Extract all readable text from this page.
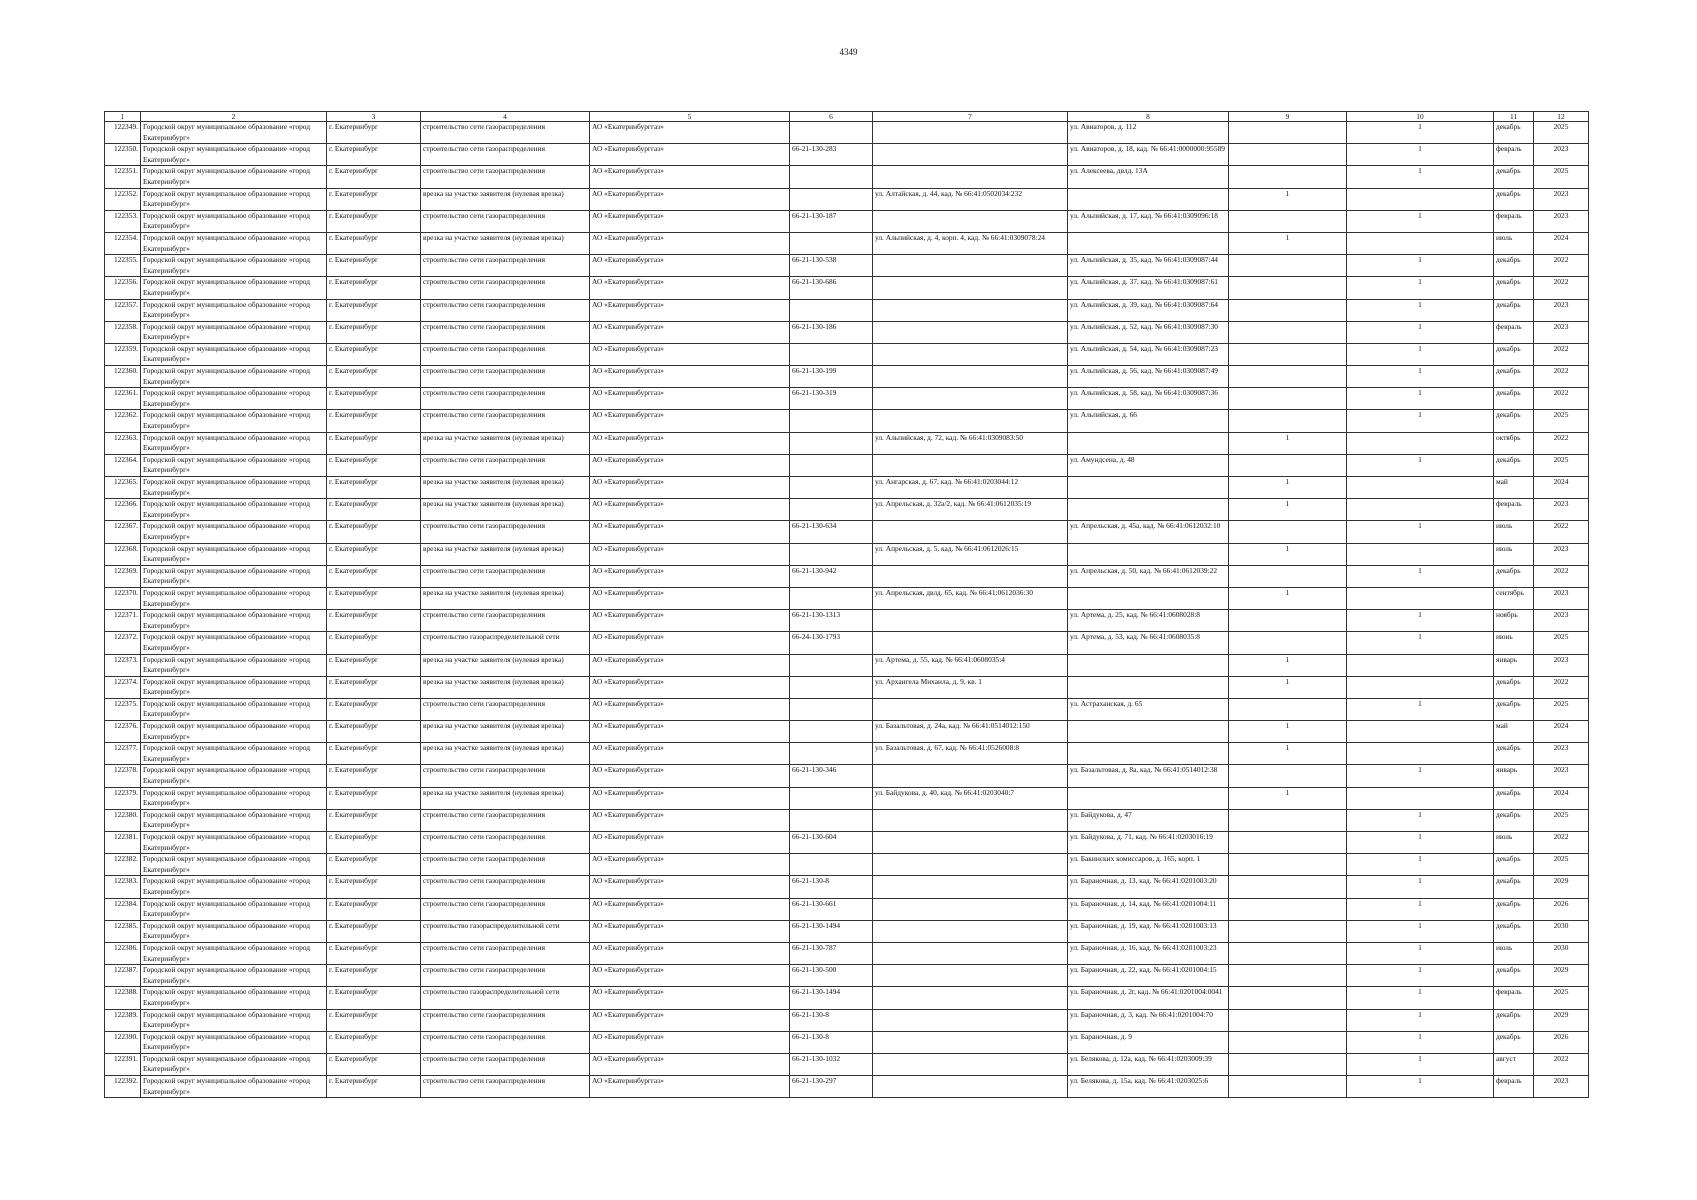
4349
1	2	3	4	5	6	7	8	9	10	11	12
122349.	Городской округ муниципальное образование «город Екатеринбург»	г. Екатеринбург	строительство сети газораспределения	АО «Екатеринбурггаз»			ул. Авиаторов, д. 112		1	декабрь	2025
122350.	Городской округ муниципальное образование «город Екатеринбург»	г. Екатеринбург	строительство сети газораспределения	АО «Екатеринбурггаз»	66-21-130-283		ул. Авиаторов, д. 18, кад. № 66:41:0000000:95589		1	февраль	2023
122351.	Городской округ муниципальное образование «город Екатеринбург»	г. Екатеринбург	строительство сети газораспределения	АО «Екатеринбурггаз»			ул. Алексеева, двлд. 13А		1	декабрь	2025
122352.	Городской округ муниципальное образование «город Екатеринбург»	г. Екатеринбург	врезка на участке заявителя (нулевая врезка)	АО «Екатеринбурггаз»		ул. Алтайская, д. 44, кад. № 66:41:0502034:232		1		декабрь	2023
122353.	Городской округ муниципальное образование «город Екатеринбург»	г. Екатеринбург	строительство сети газораспределения	АО «Екатеринбурггаз»	66-21-130-187		ул. Альпийская, д. 17, кад. № 66:41:0309096:18		1	февраль	2023
122354.	Городской округ муниципальное образование «город Екатеринбург»	г. Екатеринбург	врезка на участке заявителя (нулевая врезка)	АО «Екатеринбурггаз»		ул. Альпийская, д. 4, корп. 4, кад. № 66:41:0309078:24		1		июль	2024
122355.	Городской округ муниципальное образование «город Екатеринбург»	г. Екатеринбург	строительство сети газораспределения	АО «Екатеринбурггаз»	66-21-130-538		ул. Альпийская, д. 35, кад. № 66:41:0309087:44		1	декабрь	2022
122356.	Городской округ муниципальное образование «город Екатеринбург»	г. Екатеринбург	строительство сети газораспределения	АО «Екатеринбурггаз»	66-21-130-686		ул. Альпийская, д. 37, кад. № 66:41:0309087:61		1	декабрь	2022
122357.	Городской округ муниципальное образование «город Екатеринбург»	г. Екатеринбург	строительство сети газораспределения	АО «Екатеринбурггаз»			ул. Альпийская, д. 39, кад. № 66:41:0309087:64		1	декабрь	2023
122358.	Городской округ муниципальное образование «город Екатеринбург»	г. Екатеринбург	строительство сети газораспределения	АО «Екатеринбурггаз»	66-21-130-186		ул. Альпийская, д. 52, кад. № 66:41:0309087:30		1	февраль	2023
122359.	Городской округ муниципальное образование «город Екатеринбург»	г. Екатеринбург	строительство сети газораспределения	АО «Екатеринбурггаз»			ул. Альпийская, д. 54, кад. № 66:41:0309087:23		1	декабрь	2022
122360.	Городской округ муниципальное образование «город Екатеринбург»	г. Екатеринбург	строительство сети газораспределения	АО «Екатеринбурггаз»	66-21-130-199		ул. Альпийская, д. 56, кад. № 66:41:0309087:49		1	декабрь	2022
122361.	Городской округ муниципальное образование «город Екатеринбург»	г. Екатеринбург	строительство сети газораспределения	АО «Екатеринбурггаз»	66-21-130-319		ул. Альпийская, д. 58, кад. № 66:41:0309087:36		1	декабрь	2022
122362.	Городской округ муниципальное образование «город Екатеринбург»	г. Екатеринбург	строительство сети газораспределения	АО «Екатеринбурггаз»			ул. Альпийская, д. 66		1	декабрь	2025
122363.	Городской округ муниципальное образование «город Екатеринбург»	г. Екатеринбург	врезка на участке заявителя (нулевая врезка)	АО «Екатеринбурггаз»		ул. Альпийская, д. 72, кад. № 66:41:0309083:50		1		октябрь	2022
122364.	Городской округ муниципальное образование «город Екатеринбург»	г. Екатеринбург	строительство сети газораспределения	АО «Екатеринбурггаз»			ул. Амундсена, д. 48		1	декабрь	2025
122365.	Городской округ муниципальное образование «город Екатеринбург»	г. Екатеринбург	врезка на участке заявителя (нулевая врезка)	АО «Екатеринбурггаз»		ул. Ангарская, д. 67, кад. № 66:41:0203044:12		1		май	2024
122366.	Городской округ муниципальное образование «город Екатеринбург»	г. Екатеринбург	врезка на участке заявителя (нулевая врезка)	АО «Екатеринбурггаз»		ул. Апрельская, д. 32а/2, кад. № 66:41:0612035:19		1		февраль	2023
122367.	Городской округ муниципальное образование «город Екатеринбург»	г. Екатеринбург	строительство сети газораспределения	АО «Екатеринбурггаз»	66-21-130-634		ул. Апрельская, д. 45а, кад. № 66:41:0612032:10		1	июль	2022
122368.	Городской округ муниципальное образование «город Екатеринбург»	г. Екатеринбург	врезка на участке заявителя (нулевая врезка)	АО «Екатеринбурггаз»		ул. Апрельская, д. 5, кад. № 66:41:0612026:15		1		июль	2023
122369.	Городской округ муниципальное образование «город Екатеринбург»	г. Екатеринбург	строительство сети газораспределения	АО «Екатеринбурггаз»	66-21-130-942		ул. Апрельская, д. 50, кад. № 66:41:0612039:22		1	декабрь	2022
122370.	Городской округ муниципальное образование «город Екатеринбург»	г. Екатеринбург	врезка на участке заявителя (нулевая врезка)	АО «Екатеринбурггаз»		ул. Апрельская, двлд. 65, кад. № 66:41:0612036:30		1		сентябрь	2023
122371.	Городской округ муниципальное образование «город Екатеринбург»	г. Екатеринбург	строительство сети газораспределения	АО «Екатеринбурггаз»	66-21-130-1313		ул. Артема, д. 25, кад. № 66:41:0608028:8		1	ноябрь	2023
122372.	Городской округ муниципальное образование «город Екатеринбург»	г. Екатеринбург	строительство газораспределительной сети	АО «Екатеринбурггаз»	66-24-130-1793		ул. Артема, д. 53, кад. № 66:41:0608035:8		1	июнь	2025
122373.	Городской округ муниципальное образование «город Екатеринбург»	г. Екатеринбург	врезка на участке заявителя (нулевая врезка)	АО «Екатеринбурггаз»		ул. Артема, д. 55, кад. № 66:41:0608035:4		1		январь	2023
122374.	Городской округ муниципальное образование «город Екатеринбург»	г. Екатеринбург	врезка на участке заявителя (нулевая врезка)	АО «Екатеринбурггаз»		ул. Архангела Михаила, д. 9, кв. 1		1		декабрь	2022
122375.	Городской округ муниципальное образование «город Екатеринбург»	г. Екатеринбург	строительство сети газораспределения	АО «Екатеринбурггаз»			ул. Астраханская, д. 65		1	декабрь	2025
122376.	Городской округ муниципальное образование «город Екатеринбург»	г. Екатеринбург	врезка на участке заявителя (нулевая врезка)	АО «Екатеринбурггаз»		ул. Базальтовая, д. 24а, кад. № 66:41:0514012:150		1		май	2024
122377.	Городской округ муниципальное образование «город Екатеринбург»	г. Екатеринбург	врезка на участке заявителя (нулевая врезка)	АО «Екатеринбурггаз»		ул. Базальтовая, д. 67, кад. № 66:41:0526008:8		1		декабрь	2023
122378.	Городской округ муниципальное образование «город Екатеринбург»	г. Екатеринбург	строительство сети газораспределения	АО «Екатеринбурггаз»	66-21-130-346		ул. Базальтовая, д. 8а, кад. № 66:41:0514012:38		1	январь	2023
122379.	Городской округ муниципальное образование «город Екатеринбург»	г. Екатеринбург	врезка на участке заявителя (нулевая врезка)	АО «Екатеринбурггаз»		ул. Байдукова, д. 40, кад. № 66:41:0203040:7		1		декабрь	2024
122380.	Городской округ муниципальное образование «город Екатеринбург»	г. Екатеринбург	строительство сети газораспределения	АО «Екатеринбурггаз»			ул. Байдукова, д. 47		1	декабрь	2025
122381.	Городской округ муниципальное образование «город Екатеринбург»	г. Екатеринбург	строительство сети газораспределения	АО «Екатеринбурггаз»	66-21-130-604		ул. Байдукова, д. 71, кад. № 66:41:0203016:19		1	июль	2022
122382.	Городской округ муниципальное образование «город Екатеринбург»	г. Екатеринбург	строительство сети газораспределения	АО «Екатеринбурггаз»			ул. Бакинских комиссаров, д. 165, корп. 1		1	декабрь	2025
122383.	Городской округ муниципальное образование «город Екатеринбург»	г. Екатеринбург	строительство сети газораспределения	АО «Екатеринбурггаз»	66-21-130-8		ул. Бараночная, д. 13, кад. № 66:41:0201003:20		1	декабрь	2029
122384.	Городской округ муниципальное образование «город Екатеринбург»	г. Екатеринбург	строительство сети газораспределения	АО «Екатеринбурггаз»	66-21-130-661		ул. Бараночная, д. 14, кад. № 66:41:0201004:11		1	декабрь	2026
122385.	Городской округ муниципальное образование «город Екатеринбург»	г. Екатеринбург	строительство газораспределительной сети	АО «Екатеринбурггаз»	66-21-130-1494		ул. Бараночная, д. 19, кад. № 66:41:0201003:13		1	декабрь	2030
122386.	Городской округ муниципальное образование «город Екатеринбург»	г. Екатеринбург	строительство сети газораспределения	АО «Екатеринбурггаз»	66-21-130-787		ул. Бараночная, д. 16, кад. № 66:41:0201003:23		1	июль	2030
122387.	Городской округ муниципальное образование «город Екатеринбург»	г. Екатеринбург	строительство сети газораспределения	АО «Екатеринбурггаз»	66-21-130-500		ул. Бараночная, д. 22, кад. № 66:41:0201004:15		1	декабрь	2029
122388.	Городской округ муниципальное образование «город Екатеринбург»	г. Екатеринбург	строительство газораспределительной сети	АО «Екатеринбурггаз»	66-21-130-1494		ул. Бараночная, д. 2г, кад. № 66:41:0201004:0041		1	февраль	2025
122389.	Городской округ муниципальное образование «город Екатеринбург»	г. Екатеринбург	строительство сети газораспределения	АО «Екатеринбурггаз»	66-21-130-8		ул. Бараночная, д. 3, кад. № 66:41:0201004:70		1	декабрь	2029
122390.	Городской округ муниципальное образование «город Екатеринбург»	г. Екатеринбург	строительство сети газораспределения	АО «Екатеринбурггаз»	66-21-130-8		ул. Бараночная, д. 9		1	декабрь	2026
122391.	Городской округ муниципальное образование «город Екатеринбург»	г. Екатеринбург	строительство сети газораспределения	АО «Екатеринбурггаз»	66-21-130-1032		ул. Белякова, д. 12а, кад. № 66:41:0203009:39		1	август	2022
122392.	Городской округ муниципальное образование «город Екатеринбург»	г. Екатеринбург	строительство сети газораспределения	АО «Екатеринбурггаз»	66-21-130-297		ул. Белякова, д. 15а, кад. № 66:41:0203025:6		1	февраль	2023
